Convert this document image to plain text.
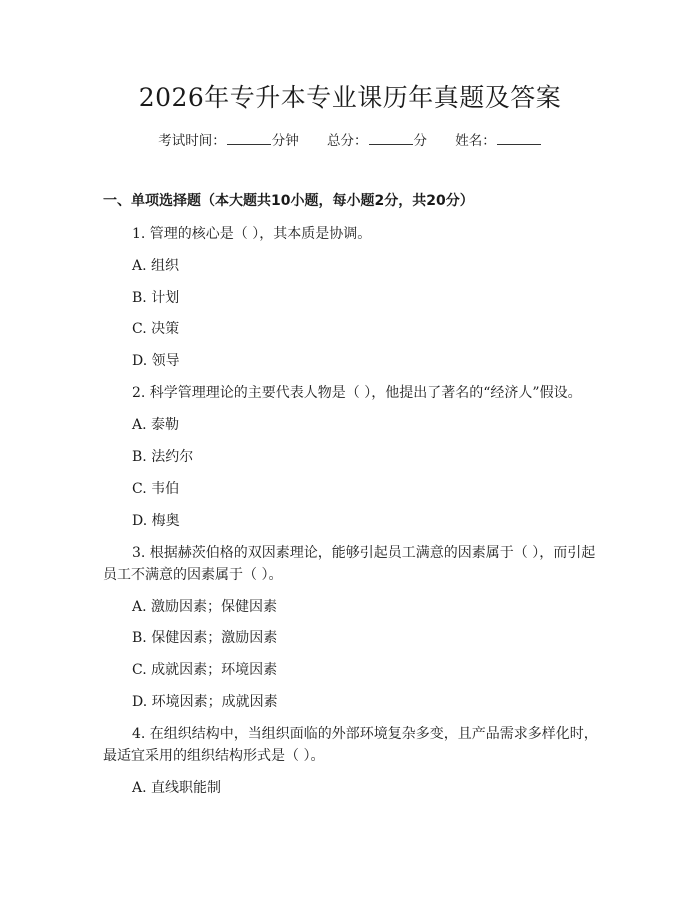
2026年专升本专业课历年真题及答案
考试时间：	分钟 总分：	分 姓名：
一、单项选择题（本大题共10小题，每小题2分，共20分）
1. 管理的核心是（ ），其本质是协调。
A. 组织
B. 计划
C. 决策
D. 领导
2. 科学管理理论的主要代表人物是（ ），他提出了著名的“经济人”假设。
A. 泰勒
B. 法约尔
C. 韦伯
D. 梅奥
3. 根据赫茨伯格的双因素理论，能够引起员工满意的因素属于（ ），而引起
员工不满意的因素属于（ ）。
A. 激励因素；保健因素
B. 保健因素；激励因素
C. 成就因素；环境因素
D. 环境因素；成就因素
4. 在组织结构中，当组织面临的外部环境复杂多变，且产品需求多样化时，
最适宜采用的组织结构形式是（ ）。
A. 直线职能制
